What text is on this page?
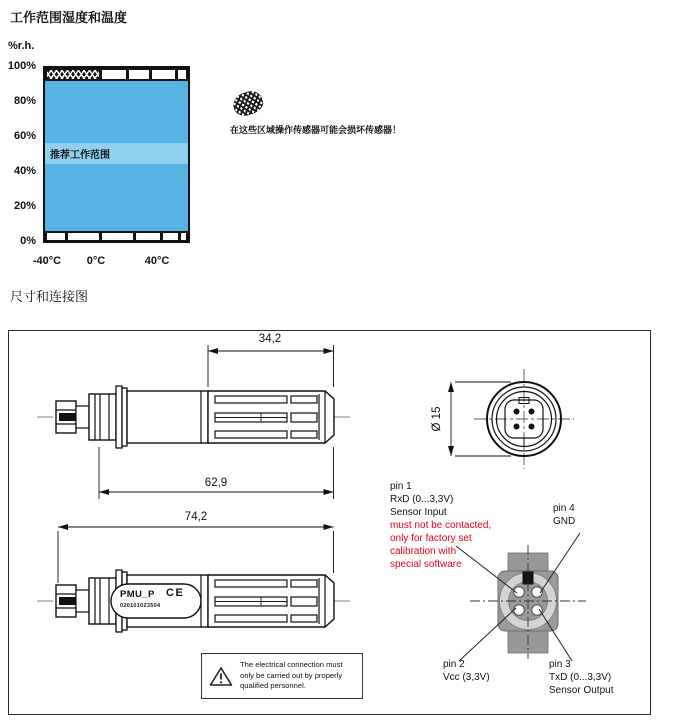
工作范围湿度和温度
%r.h.
100%
80%
60%
40%
20%
0%
推荐工作范围
-40°C	0°C	40°C
在这些区域操作传感器可能会损坏传感器！
尺寸和连接图
34,2
62,9
74,2
Ø 15
PMU_P CE
020101023504
The electrical connection must
only be carried out by properly
qualified personnel.
pin 1
RxD (0...3,3V)
Sensor Input
must not be contacted,
only for factory set
calibration with
special software
pin 4
GND
pin 2
Vcc (3,3V)
pin 3
TxD (0...3,3V)
Sensor Output
